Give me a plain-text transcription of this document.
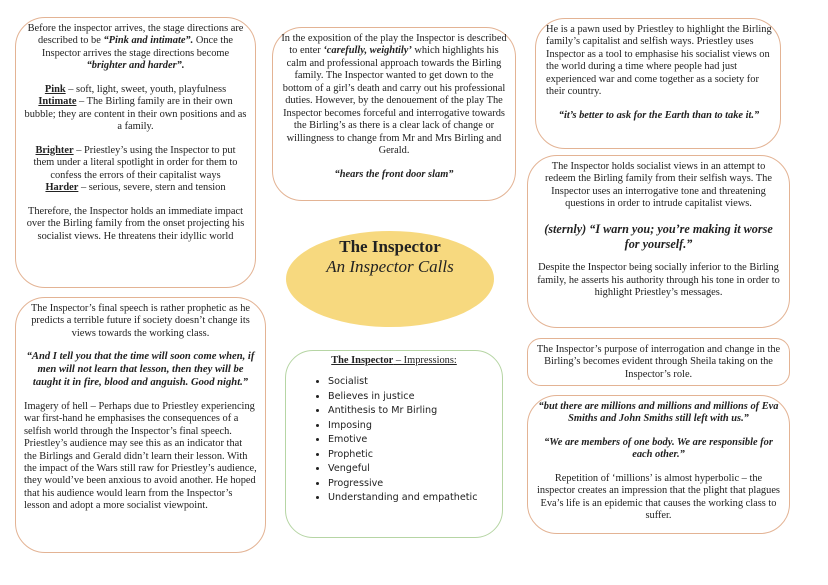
Before the inspector arrives, the stage directions are described to be “Pink and intimate”. Once the Inspector arrives the stage directions become
“brighter and harder”.

Pink – soft, light, sweet, youth, playfulness

Intimate – The Birling family are in their own bubble; they are content in their own positions and as a family.

Brighter – Priestley’s using the Inspector to put them under a literal spotlight in order for them to confess the errors of their capitalist ways

Harder – serious, severe, stern and tension

Therefore, the Inspector holds an immediate impact over the Birling family from the onset projecting his socialist views. He threatens their idyllic world

In the exposition of the play the Inspector is described to enter ‘carefully, weightily’ which highlights his calm and professional approach towards the Birling family. The Inspector wanted to get down to the bottom of a girl’s death and carry out his professional duties. However, by the denouement of the play The Inspector becomes forceful and interrogative towards the Birling’s as there is a clear lack of change or willingness to change from Mr and Mrs Birling and Gerald.

“hears the front door slam”

He is a pawn used by Priestley to highlight the Birling family’s capitalist and selfish ways. Priestley uses Inspector as a tool to emphasise his socialist views on the world during a time where people had just experienced war and come together as a society for their country.

“it’s better to ask for the Earth than to take it.”

The Inspector holds socialist views in an attempt to redeem the Birling family from their selfish ways. The Inspector uses an interrogative tone and threatening questions in order to intrude capitalist views.

(sternly) “I warn you; you’re making it worse for yourself.”

Despite the Inspector being socially inferior to the Birling family, he asserts his authority through his tone in order to highlight Priestley’s messages.

The Inspector
An Inspector Calls
The Inspector – Impressions:
• Socialist
• Believes in justice
• Antithesis to Mr Birling
• Imposing
• Emotive
• Prophetic
• Vengeful
• Progressive
• Understanding and empathetic

The Inspector’s final speech is rather prophetic as he predicts a terrible future if society doesn’t change its views towards the working class.

“And I tell you that the time will soon come when, if men will not learn that lesson, then they will be taught it in fire, blood and anguish. Good night.”

Imagery of hell – Perhaps due to Priestley experiencing war first-hand he emphasises the consequences of a selfish world through the Inspector’s final speech. Priestley’s audience may see this as an indicator that the Birlings and Gerald didn’t learn their lesson. With the impact of the Wars still raw for Priestley’s audience, they would’ve been anxious to avoid another. He hoped that his audience would learn from the Inspector’s lesson and adopt a more socialist viewpoint.

The Inspector’s purpose of interrogation and change in the Birling’s becomes evident through Sheila taking on the Inspector’s role.

“but there are millions and millions and millions of Eva Smiths and John Smiths still left with us.”

“We are members of one body. We are responsible for each other.”

Repetition of ‘millions’ is almost hyperbolic – the inspector creates an impression that the plight that plagues Eva’s life is an epidemic that causes the working class to suffer.
